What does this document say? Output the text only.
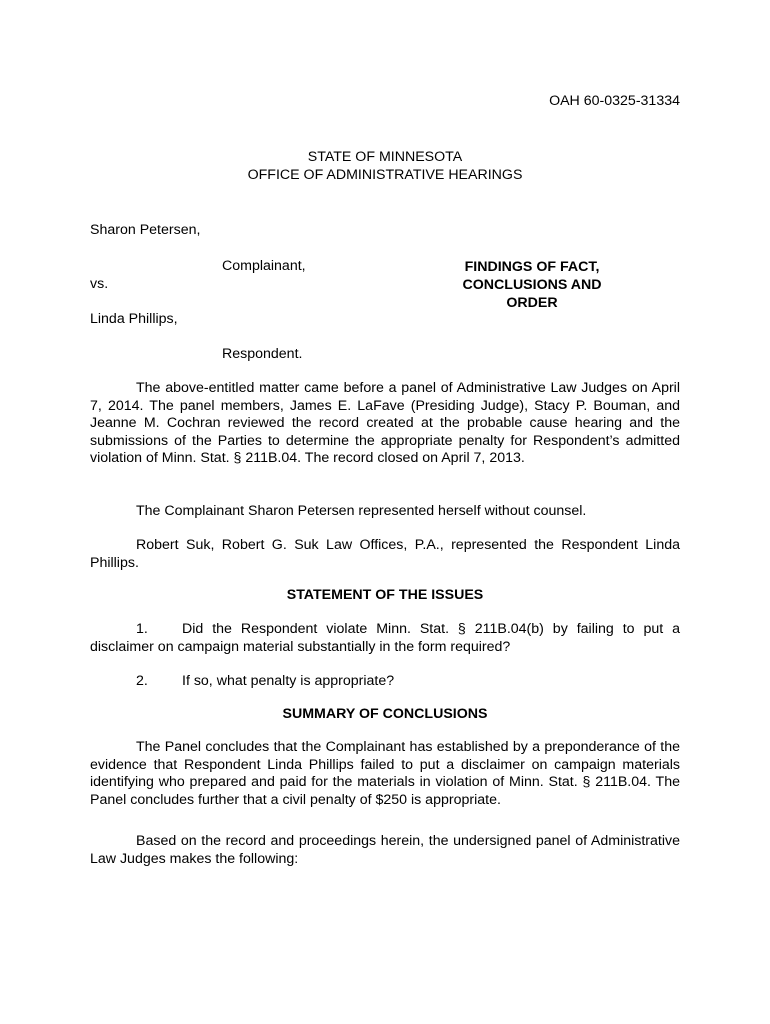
OAH 60-0325-31334
STATE OF MINNESOTA
OFFICE OF ADMINISTRATIVE HEARINGS
Sharon Petersen,
Complainant,
vs.
FINDINGS OF FACT,
CONCLUSIONS AND
ORDER
Linda Phillips,
Respondent.

The above-entitled matter came before a panel of Administrative Law Judges on April 7, 2014. The panel members, James E. LaFave (Presiding Judge), Stacy P. Bouman, and Jeanne M. Cochran reviewed the record created at the probable cause hearing and the submissions of the Parties to determine the appropriate penalty for Respondent’s admitted violation of Minn. Stat. § 211B.04. The record closed on April 7, 2013.

The Complainant Sharon Petersen represented herself without counsel.

Robert Suk, Robert G. Suk Law Offices, P.A., represented the Respondent Linda Phillips.

STATEMENT OF THE ISSUES

1.	Did the Respondent violate Minn. Stat. § 211B.04(b) by failing to put a
disclaimer on campaign material substantially in the form required?
2.	If so, what penalty is appropriate?

SUMMARY OF CONCLUSIONS

The Panel concludes that the Complainant has established by a preponderance of the evidence that Respondent Linda Phillips failed to put a disclaimer on campaign materials identifying who prepared and paid for the materials in violation of Minn. Stat. § 211B.04. The Panel concludes further that a civil penalty of $250 is appropriate.

Based on the record and proceedings herein, the undersigned panel of Administrative Law Judges makes the following:
